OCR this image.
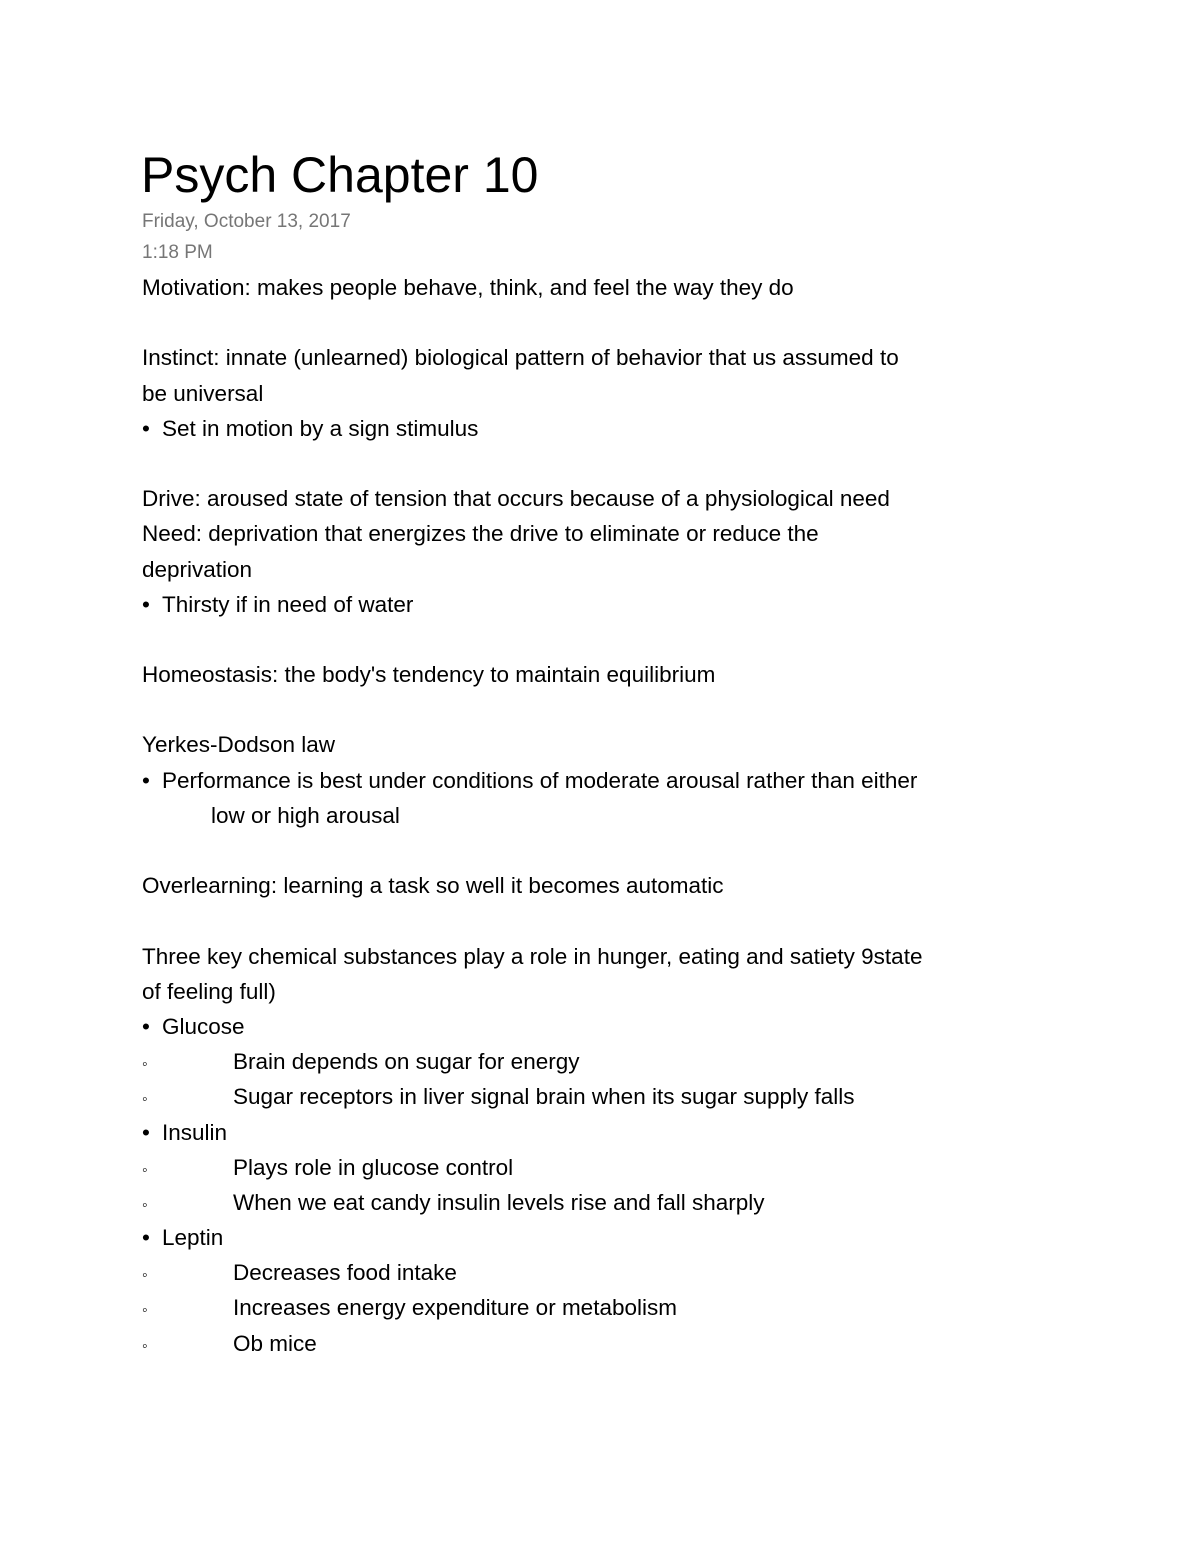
Psych Chapter 10
Friday, October 13, 2017
1:18 PM
Motivation: makes people behave, think, and feel the way they do
Instinct: innate (unlearned) biological pattern of behavior that us assumed to
be universal
• Set in motion by a sign stimulus
Drive: aroused state of tension that occurs because of a physiological need
Need: deprivation that energizes the drive to eliminate or reduce the
deprivation
• Thirsty if in need of water
Homeostasis: the body's tendency to maintain equilibrium
Yerkes-Dodson law
• Performance is best under conditions of moderate arousal rather than either
low or high arousal
Overlearning: learning a task so well it becomes automatic
Three key chemical substances play a role in hunger, eating and satiety 9state
of feeling full)
• Glucose
◦	Brain depends on sugar for energy
◦	Sugar receptors in liver signal brain when its sugar supply falls
• Insulin
◦	Plays role in glucose control
◦	When we eat candy insulin levels rise and fall sharply
• Leptin
◦	Decreases food intake
◦	Increases energy expenditure or metabolism
◦	Ob mice
